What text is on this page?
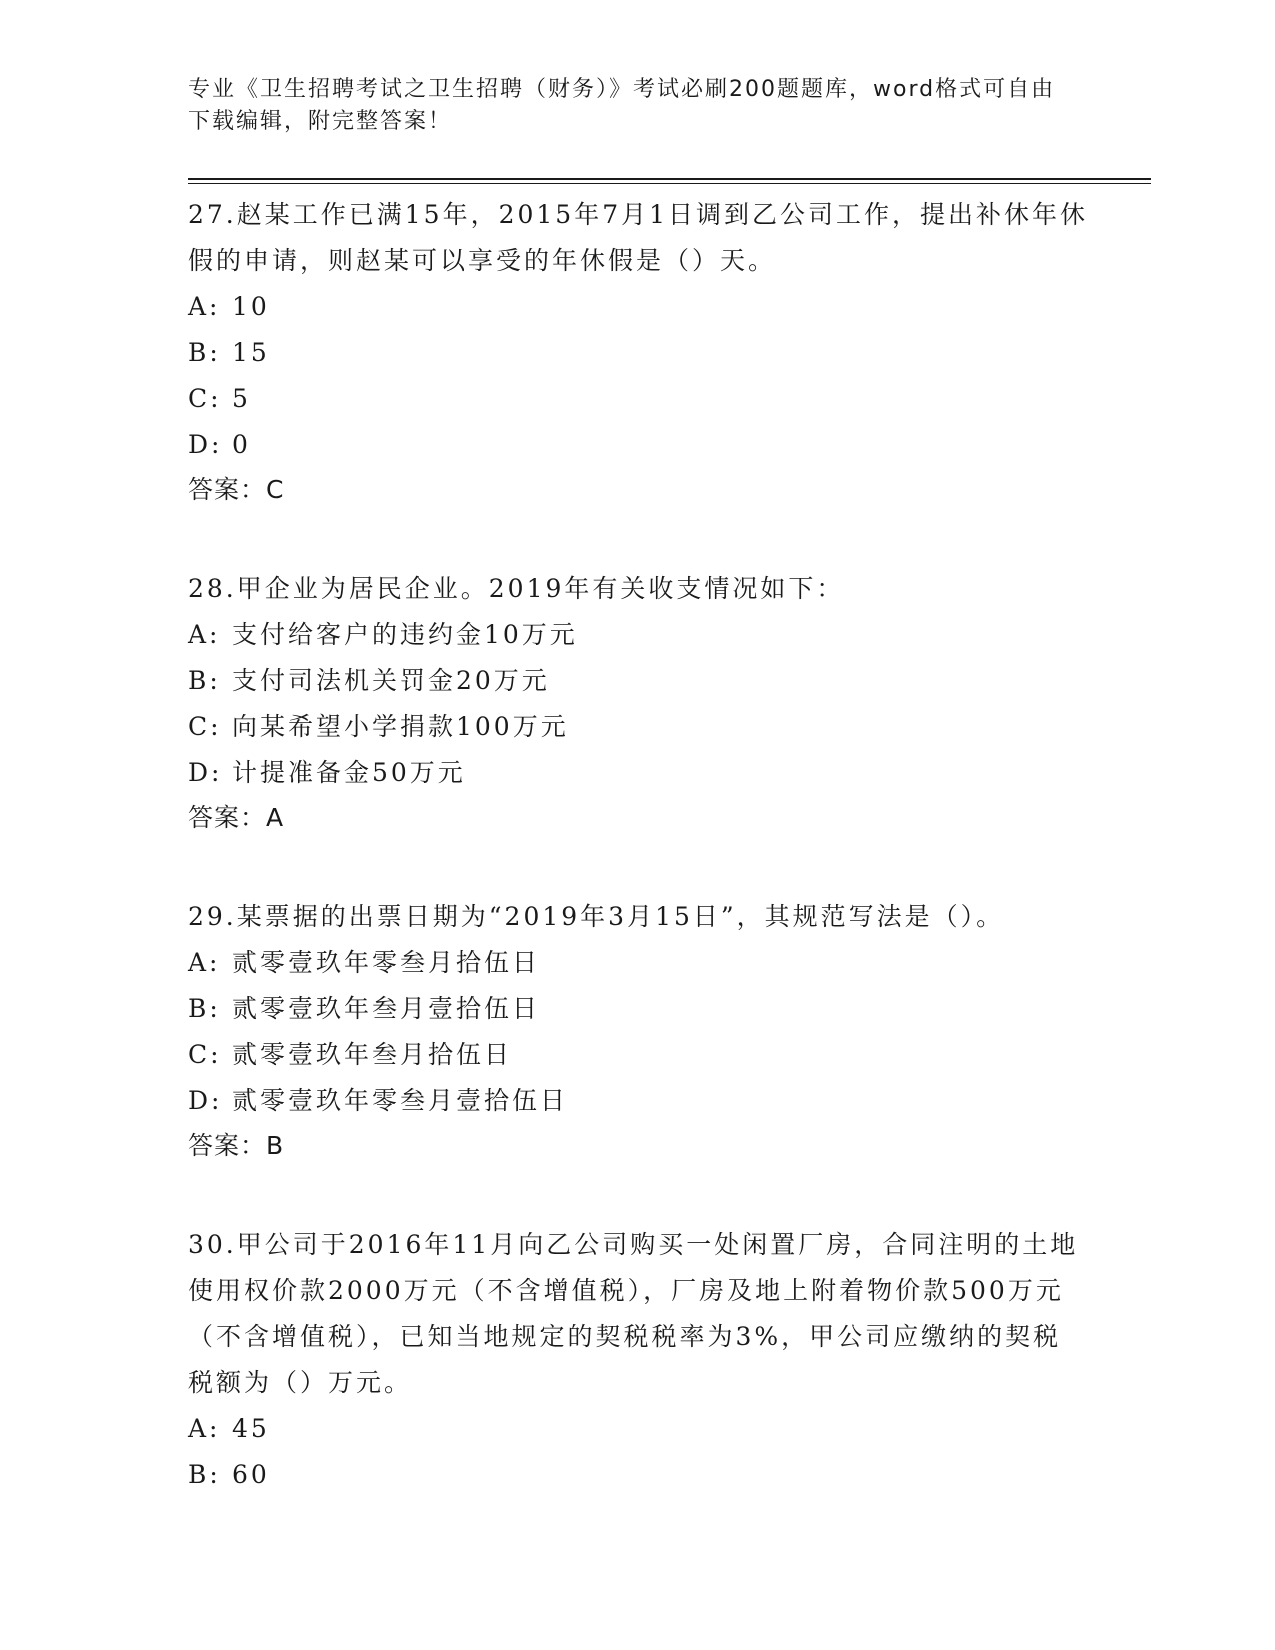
专业《卫生招聘考试之卫生招聘（财务）》考试必刷200题题库，word格式可自由下载编辑，附完整答案！
27.赵某工作已满15年，2015年7月1日调到乙公司工作，提出补休年休假的申请，则赵某可以享受的年休假是（）天。
A: 10
B: 15
C: 5
D: 0
答案：C
28.甲企业为居民企业。2019年有关收支情况如下：
A: 支付给客户的违约金10万元
B: 支付司法机关罚金20万元
C: 向某希望小学捐款100万元
D: 计提准备金50万元
答案：A
29.某票据的出票日期为“2019年3月15日”，其规范写法是（）。
A: 贰零壹玖年零叁月拾伍日
B: 贰零壹玖年叁月壹拾伍日
C: 贰零壹玖年叁月拾伍日
D: 贰零壹玖年零叁月壹拾伍日
答案：B
30.甲公司于2016年11月向乙公司购买一处闲置厂房，合同注明的土地使用权价款2000万元（不含增值税），厂房及地上附着物价款500万元（不含增值税），已知当地规定的契税税率为3%，甲公司应缴纳的契税税额为（）万元。
A: 45
B: 60
